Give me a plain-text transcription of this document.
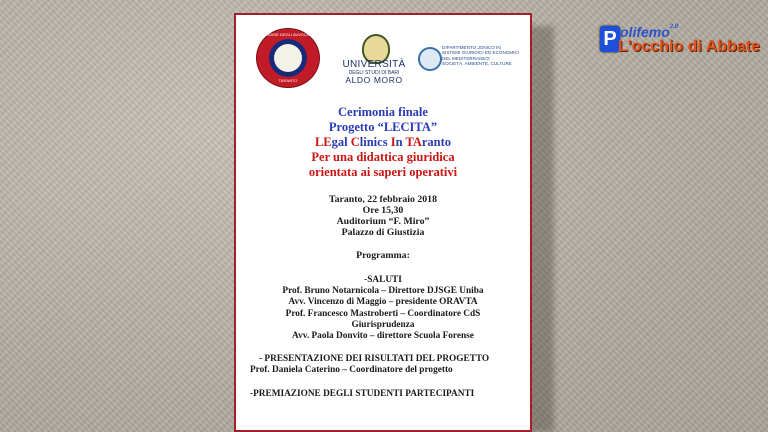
ORDINE DEGLI AVVOCATI
TARANTO
UNIVERSITÀ
DEGLI STUDI DI BARI
ALDO MORO
DIPARTIMENTO JONICO IN
SISTEMI GIURIDICI ED ECONOMICI
DEL MEDITERRANEO:
SOCIETÀ, AMBIENTE, CULTURE
Cerimonia finale
Progetto “LECITA”
LEgal Clinics In TAranto
Per una didattica giuridica
orientata ai saperi operativi
Taranto, 22 febbraio 2018
Ore 15,30
Auditorium “F. Miro”
Palazzo di Giustizia
Programma:
-SALUTI
Prof. Bruno Notarnicola – Direttore DJSGE Uniba
Avv. Vincenzo di Maggio – presidente ORAVTA
Prof. Francesco Mastroberti – Coordinatore CdS
Giurisprudenza
Avv. Paola Donvito – direttore Scuola Forense
- PRESENTAZIONE DEI RISULTATI DEL PROGETTO
Prof. Daniela Caterino – Coordinatore del progetto
-PREMIAZIONE DEGLI STUDENTI PARTECIPANTI
P olifemo$^{2.0}$
L'occhio di Abbate
